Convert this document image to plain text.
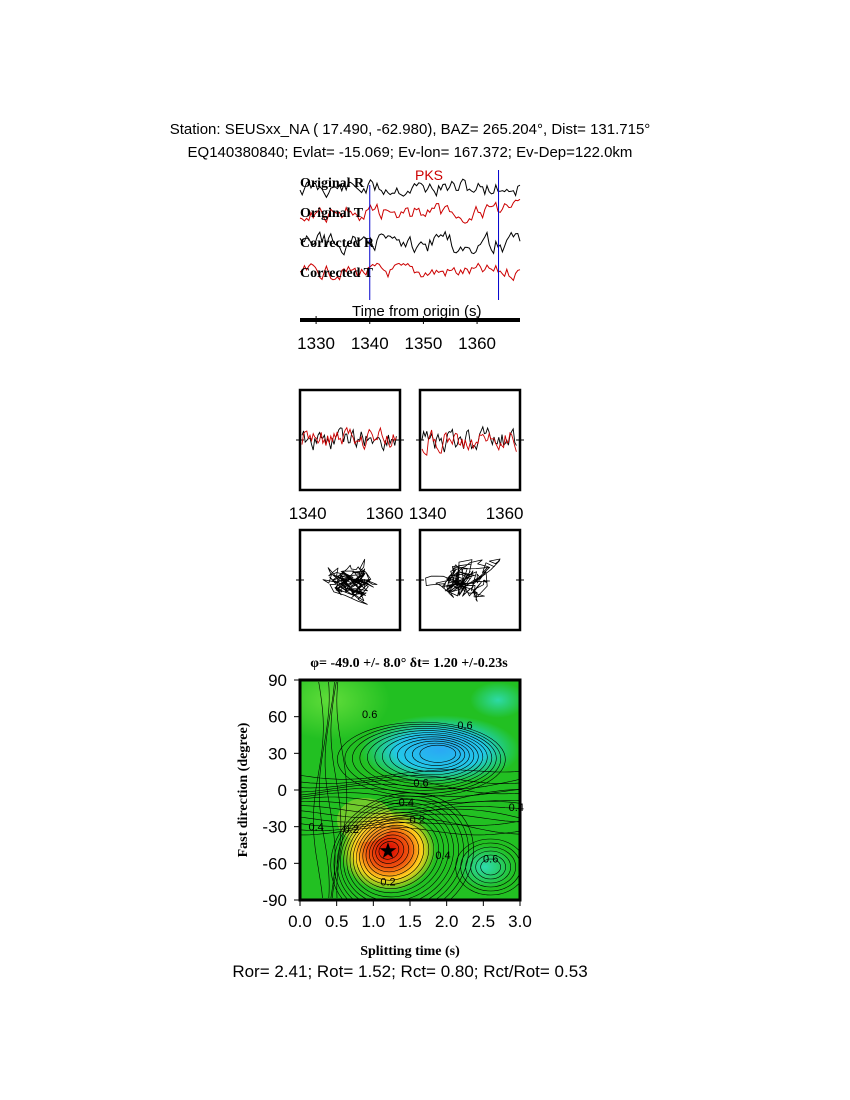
Station: SEUSxx_NA ( 17.490, -62.980), BAZ= 265.204°, Dist= 131.715°
EQ140380840; Evlat= -15.069; Ev-lon= 167.372; Ev-Dep=122.0km
Original R
Original T
Corrected R
Corrected T
PKS
Time from origin (s)
1330 1340 1350 1360
1340 1360 1340 1360
0.0 0.5 1.0 1.5 2.0 2.5 3.0
90
60
30
0
-30
-60
-90
0.6
0.6
0.6
0.4	0.4
0.4 0.2
0.2
0.4	0.6
0.2
★
φ= -49.0 +/- 8.0° δt= 1.20 +/-0.23s
Splitting time (s)
Fast direction (degree)
Ror= 2.41; Rot= 1.52; Rct= 0.80; Rct/Rot= 0.53
